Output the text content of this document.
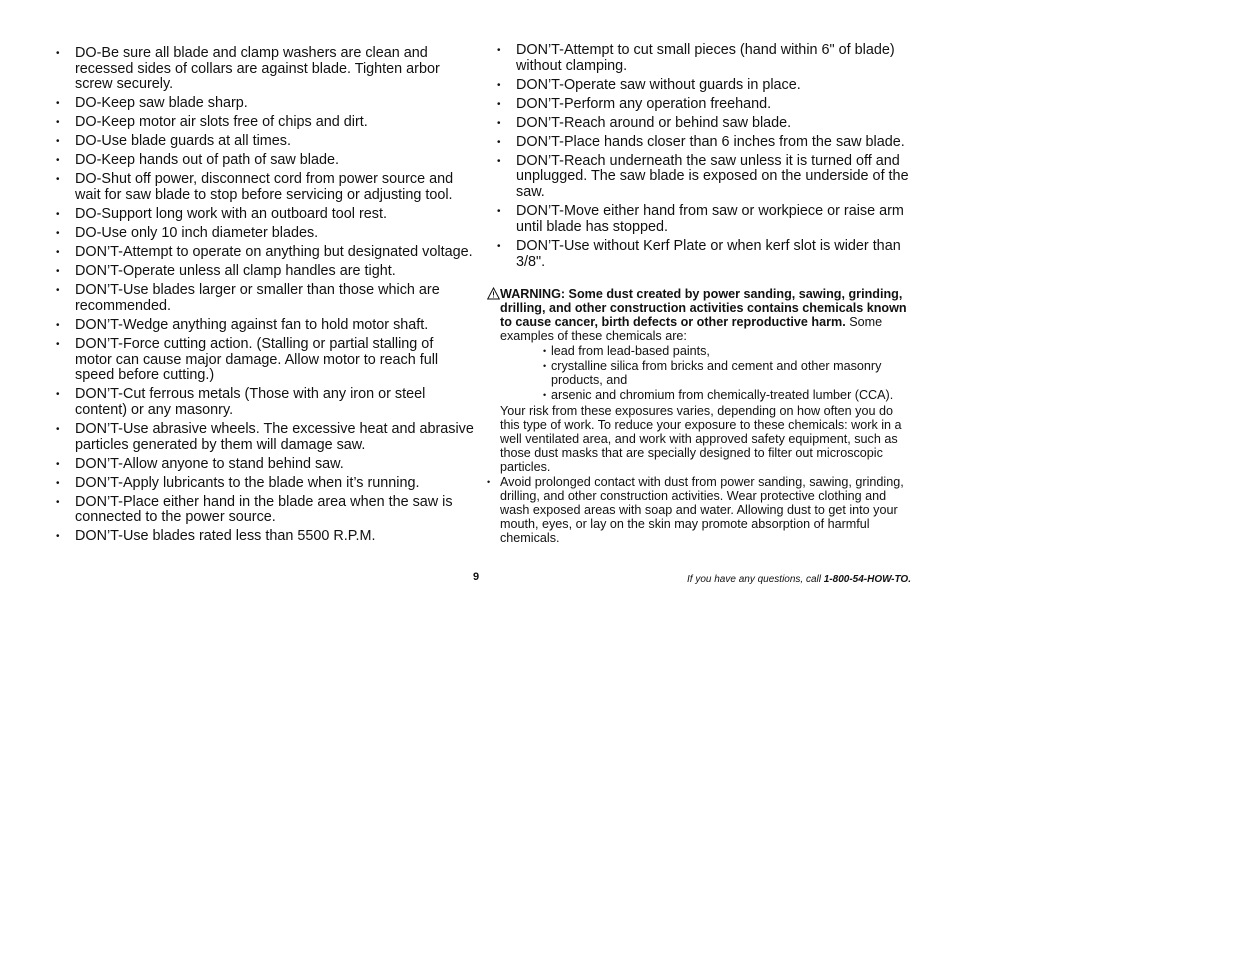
• DO-Be sure all blade and clamp washers are clean and recessed sides of collars are against blade. Tighten arbor screw securely.
• DO-Keep saw blade sharp.
• DO-Keep motor air slots free of chips and dirt.
• DO-Use blade guards at all times.
• DO-Keep hands out of path of saw blade.
• DO-Shut off power, disconnect cord from power source and wait for saw blade to stop before servicing or adjusting tool.
• DO-Support long work with an outboard tool rest.
• DO-Use only 10 inch diameter blades.
• DON’T-Attempt to operate on anything but designated voltage.
• DON’T-Operate unless all clamp handles are tight.
• DON’T-Use blades larger or smaller than those which are recommended.
• DON’T-Wedge anything against fan to hold motor shaft.
• DON’T-Force cutting action. (Stalling or partial stalling of motor can cause major damage. Allow motor to reach full speed before cutting.)
• DON’T-Cut ferrous metals (Those with any iron or steel content) or any masonry.
• DON’T-Use abrasive wheels. The excessive heat and abrasive particles generated by them will damage saw.
• DON’T-Allow anyone to stand behind saw.
• DON’T-Apply lubricants to the blade when it’s running.
• DON’T-Place either hand in the blade area when the saw is connected to the power source.
• DON’T-Use blades rated less than 5500 R.P.M.
• DON’T-Attempt to cut small pieces (hand within 6" of blade) without clamping.
• DON’T-Operate saw without guards in place.
• DON’T-Perform any operation freehand.
• DON’T-Reach around or behind saw blade.
• DON’T-Place hands closer than 6 inches from the saw blade.
• DON’T-Reach underneath the saw unless it is turned off and unplugged. The saw blade is exposed on the underside of the saw.
• DON’T-Move either hand from saw or workpiece or raise arm until blade has stopped.
• DON’T-Use without Kerf Plate or when kerf slot is wider than 3/8".
WARNING: Some dust created by power sanding, sawing, grinding, drilling, and other construction activities contains chemicals known to cause cancer, birth defects or other reproductive harm. Some examples of these chemicals are:
• lead from lead-based paints,
• crystalline silica from bricks and cement and other masonry products, and
• arsenic and chromium from chemically-treated lumber (CCA).
Your risk from these exposures varies, depending on how often you do this type of work. To reduce your exposure to these chemicals: work in a well ventilated area, and work with approved safety equipment, such as those dust masks that are specially designed to filter out microscopic particles.
• Avoid prolonged contact with dust from power sanding, sawing, grinding, drilling, and other construction activities. Wear protective clothing and wash exposed areas with soap and water. Allowing dust to get into your mouth, eyes, or lay on the skin may promote absorption of harmful chemicals.
9	If you have any questions, call 1-800-54-HOW-TO.
